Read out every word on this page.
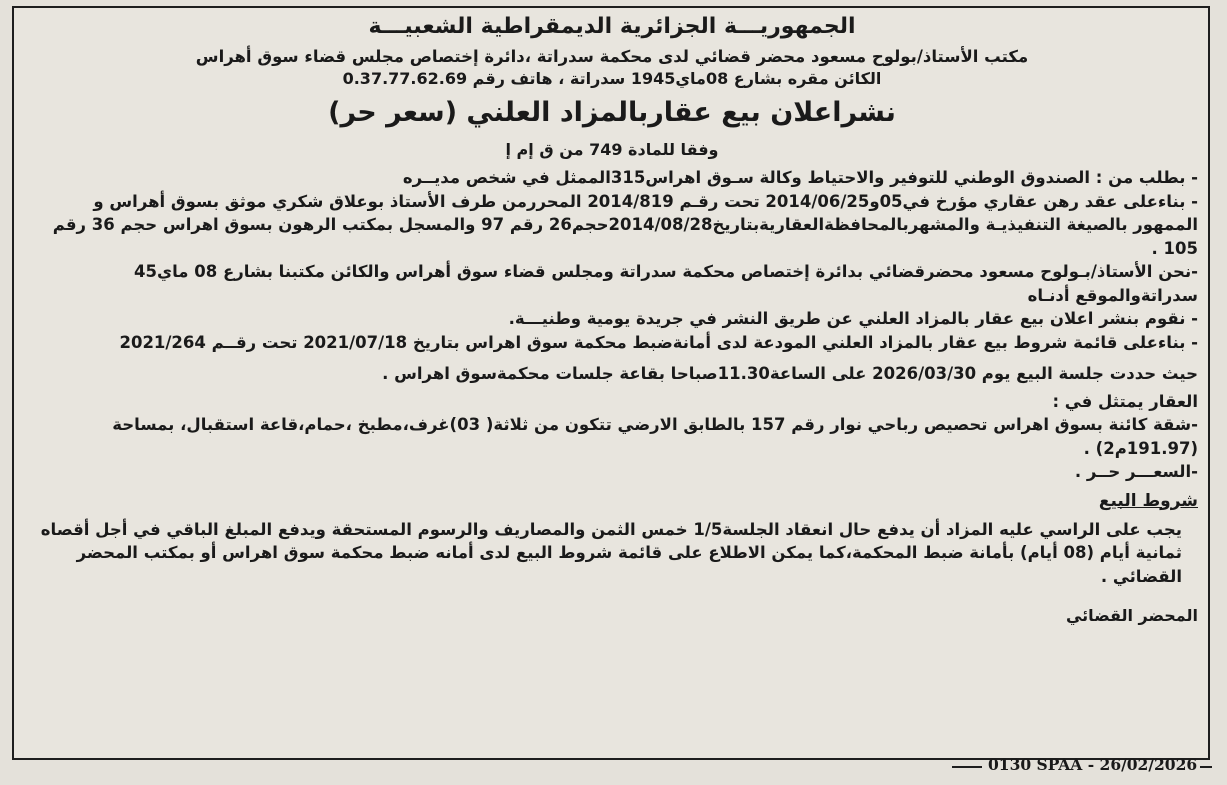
الجمهوريـــة الجزائرية الديمقراطية الشعبيـــة

مكتب الأستاذ/بولوح مسعود محضر قضائي لدى محكمة سدراتة ،دائرة إختصاص مجلس قضاء سوق أهراس

الكائن مقره بشارع 08ماي1945 سدراتة ، هاتف رقم 0.37.77.62.69

نشراعلان بيع عقاربالمزاد العلني (سعر حر)

وفقا للمادة 749 من ق إم إ

- بطلب من : الصندوق الوطني للتوفير والاحتياط وكالة سـوق اهراس315الممثل في شخص مديــره

- بناءعلى عقد رهن عقاري مؤرخ في05و2014/06/25 تحت رقـم 2014/819 المحررمن طرف الأستاذ بوعلاق شكري موثق بسوق أهراس و الممهور بالصيغة التنفيذيـة والمشهربالمحافظةالعقاريةبتاريخ2014/08/28حجم26 رقم 97 والمسجل بمكتب الرهون بسوق اهراس حجم 36 رقم 105 .

-نحن الأستاذ/بـولوح مسعود محضرقضائي بدائرة إختصاص محكمة سدراتة ومجلس قضاء سوق أهراس والكائن مكتبنا بشارع 08 ماي45 سدراتةوالموقع أدنـاه

- نقوم بنشر اعلان بيع عقار بالمزاد العلني عن طريق النشر في جريدة يومية وطنيـــة.

- بناءعلى قائمة شروط بيع عقار بالمزاد العلني المودعة لدى أمانةضبط محكمة سوق اهراس بتاريخ 2021/07/18 تحت رقــم 2021/264

حيث حددت جلسة البيع يوم 2026/03/30 على الساعة11.30صباحا بقاعة جلسات محكمةسوق اهراس .

العقار يمتثل في :

-شقة كائنة بسوق اهراس تحصيص رباحي نوار رقم 157 بالطابق الارضي تتكون من ثلاثة( 03)غرف،مطبخ ،حمام،قاعة استقبال، بمساحة (191.97م2) .

-السعـــر حــر .

شروط البيع

يجب على الراسي عليه المزاد أن يدفع حال انعقاد الجلسة1/5 خمس الثمن والمصاريف والرسوم المستحقة ويدفع المبلغ الباقي في أجل أقصاه ثمانية أيام (08 أيام) بأمانة ضبط المحكمة،كما يمكن الاطلاع على قائمة شروط البيع لدى أمانه ضبط محكمة سوق اهراس أو بمكتب المحضر القضائي .

المحضر القضائي

0130 SPAA - 26/02/2026
